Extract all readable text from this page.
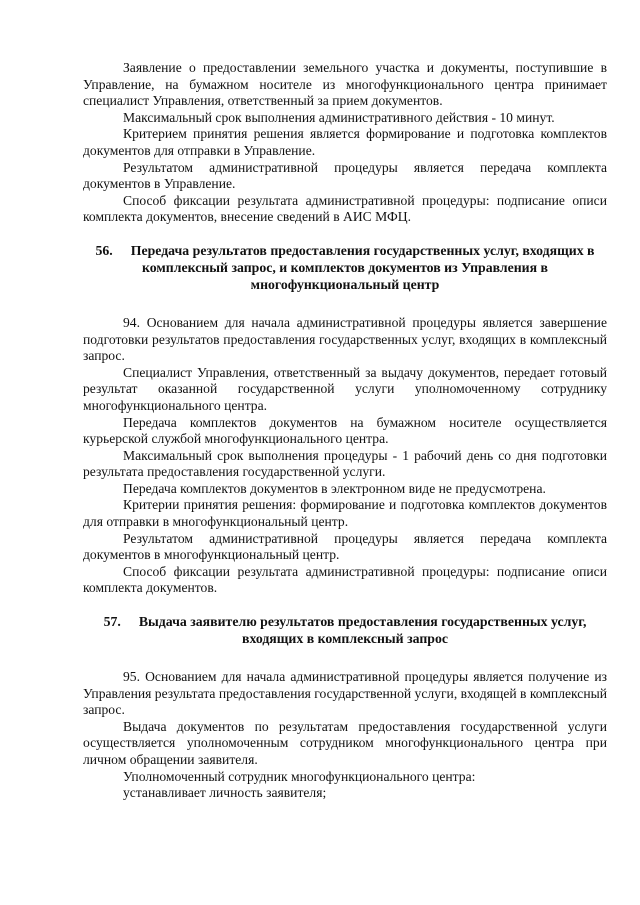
Заявление о предоставлении земельного участка и документы, поступившие в Управление, на бумажном носителе из многофункционального центра принимает специалист Управления, ответственный за прием документов.

Максимальный срок выполнения административного действия - 10 минут.

Критерием принятия решения является формирование и подготовка комплектов документов для отправки в Управление.

Результатом административной процедуры является передача комплекта документов в Управление.

Способ фиксации результата административной процедуры: подписание описи комплекта документов, внесение сведений в АИС МФЦ.

56. Передача результатов предоставления государственных услуг, входящих в комплексный запрос, и комплектов документов из Управления в многофункциональный центр

94. Основанием для начала административной процедуры является завершение подготовки результатов предоставления государственных услуг, входящих в комплексный запрос.

Специалист Управления, ответственный за выдачу документов, передает готовый результат оказанной государственной услуги уполномоченному сотруднику многофункционального центра.

Передача комплектов документов на бумажном носителе осуществляется курьерской службой многофункционального центра.

Максимальный срок выполнения процедуры - 1 рабочий день со дня подготовки результата предоставления государственной услуги.

Передача комплектов документов в электронном виде не предусмотрена.

Критерии принятия решения: формирование и подготовка комплектов документов для отправки в многофункциональный центр.

Результатом административной процедуры является передача комплекта документов в многофункциональный центр.

Способ фиксации результата административной процедуры: подписание описи комплекта документов.

57. Выдача заявителю результатов предоставления государственных услуг, входящих в комплексный запрос

95. Основанием для начала административной процедуры является получение из Управления результата предоставления государственной услуги, входящей в комплексный запрос.

Выдача документов по результатам предоставления государственной услуги осуществляется уполномоченным сотрудником многофункционального центра при личном обращении заявителя.

Уполномоченный сотрудник многофункционального центра:

устанавливает личность заявителя;
